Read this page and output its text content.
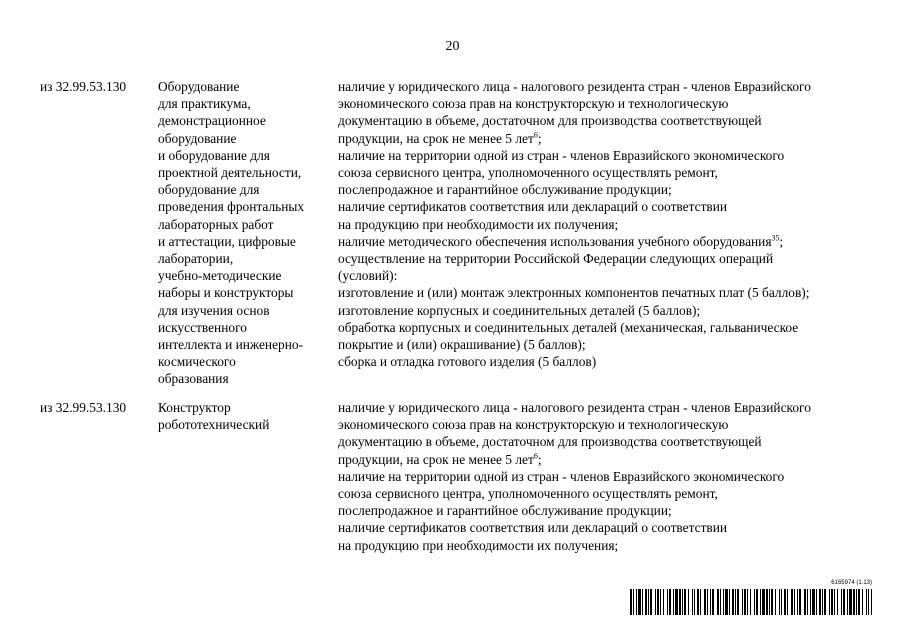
20
из 32.99.53.130	Оборудование
для практикума,
демонстрационное
оборудование
и оборудование для
проектной деятельности,
оборудование для
проведения фронтальных
лабораторных работ
и аттестации, цифровые
лаборатории,
учебно-методические
наборы и конструкторы
для изучения основ
искусственного
интеллекта и инженерно-
космического
образования
наличие у юридического лица - налогового резидента стран - членов Евразийского
экономического союза прав на конструкторскую и технологическую
документацию в объеме, достаточном для производства соответствующей
продукции, на срок не менее 5 лет$^6$;
наличие на территории одной из стран - членов Евразийского экономического
союза сервисного центра, уполномоченного осуществлять ремонт,
послепродажное и гарантийное обслуживание продукции;
наличие сертификатов соответствия или деклараций о соответствии
на продукцию при необходимости их получения;
наличие методического обеспечения использования учебного оборудования$^{35}$;
осуществление на территории Российской Федерации следующих операций
(условий):
изготовление и (или) монтаж электронных компонентов печатных плат (5 баллов);
изготовление корпусных и соединительных деталей (5 баллов);
обработка корпусных и соединительных деталей (механическая, гальваническое
покрытие и (или) окрашивание) (5 баллов);
сборка и отладка готового изделия (5 баллов)
из 32.99.53.130	Конструктор
робототехнический
наличие у юридического лица - налогового резидента стран - членов Евразийского
экономического союза прав на конструкторскую и технологическую
документацию в объеме, достаточном для производства соответствующей
продукции, на срок не менее 5 лет$^6$;
наличие на территории одной из стран - членов Евразийского экономического
союза сервисного центра, уполномоченного осуществлять ремонт,
послепродажное и гарантийное обслуживание продукции;
наличие сертификатов соответствия или деклараций о соответствии
на продукцию при необходимости их получения;
6165974 (1.13)
